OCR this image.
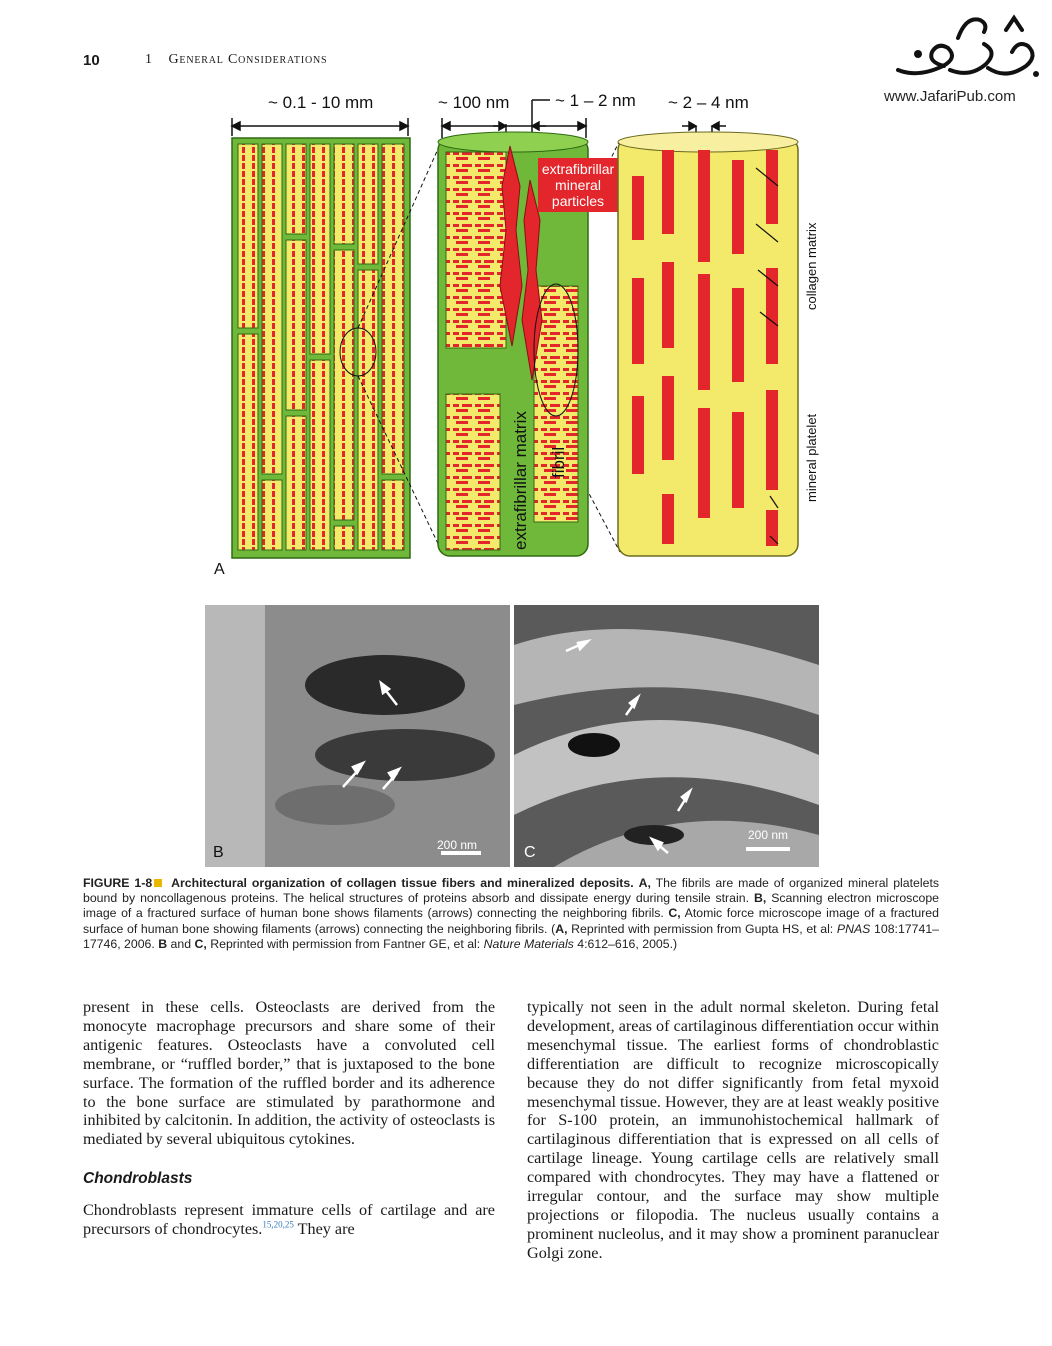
10	1 General Considerations
www.JafariPub.com
~ 0.1 - 10 mm	~ 100 nm	~ 1 – 2 nm ~ 2 – 4 nm
extrafibrillar
mineral
particles
extrafibrillar matrix fibril
collagen matrix
mineral platelet
A
200 nm
B
200 nm
C
FIGURE 1-8 Architectural organization of collagen tissue fibers and mineralized deposits. A, The fibrils are made of organized mineral platelets bound by noncollagenous proteins. The helical structures of proteins absorb and dissipate energy during tensile strain. B, Scanning electron microscope image of a fractured surface of human bone shows filaments (arrows) connecting the neighboring fibrils. C, Atomic force microscope image of a fractured surface of human bone showing filaments (arrows) connecting the neighboring fibrils. (A, Reprinted with permission from Gupta HS, et al: PNAS 108:17741–17746, 2006. B and C, Reprinted with permission from Fantner GE, et al: Nature Materials 4:612–616, 2005.)

present in these cells. Osteoclasts are derived from the monocyte macrophage precursors and share some of their antigenic features. Osteoclasts have a convoluted cell membrane, or “ruffled border,” that is juxtaposed to the bone surface. The formation of the ruffled border and its adherence to the bone surface are stimulated by parathormone and inhibited by calcitonin. In addition, the activity of osteoclasts is mediated by several ubiquitous cytokines.

Chondroblasts

Chondroblasts represent immature cells of cartilage and are precursors of chondrocytes.$^{15,20,25}$ They are

typically not seen in the adult normal skeleton. During fetal development, areas of cartilaginous differentiation occur within mesenchymal tissue. The earliest forms of chondroblastic differentiation are difficult to recognize microscopically because they do not differ significantly from fetal myxoid mesenchymal tissue. However, they are at least weakly positive for S-100 protein, an immunohistochemical hallmark of cartilaginous differentiation that is expressed on all cells of cartilage lineage. Young cartilage cells are relatively small compared with chondrocytes. They may have a flattened or irregular contour, and the surface may show multiple projections or filopodia. The nucleus usually contains a prominent nucleolus, and it may show a prominent paranuclear Golgi zone.
